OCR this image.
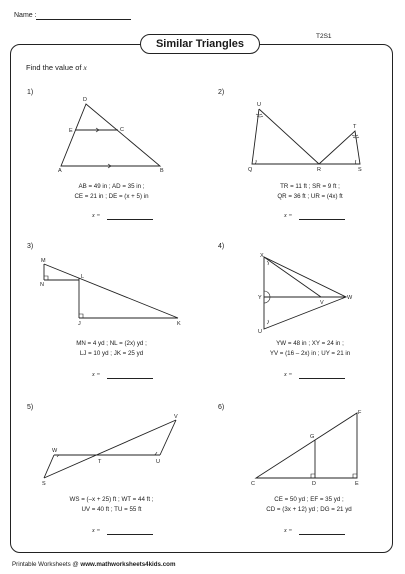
Name :
Similar Triangles
T2S1
Find the value of x
1)
D
E	C
A	B
AB = 49 in ; AD = 35 in ;
CE = 21 in ; DE = (x + 5) in
x =
2)
U
T
Q	R	S
TR = 11 ft ; SR = 9 ft ;
QR = 36 ft ; UR = (4x) ft
x =
3)
M
N
L
J	K
MN = 4 yd ; NL = (2x) yd ;
LJ = 10 yd ; JK = 25 yd
x =
4)
X
Y
U
V
W
YW = 48 in ; XY = 24 in ;
YV = (16 – 2x) in ; UY = 21 in
x =
5)
W
S
T	U
V
WS = (–x + 25) ft ; WT = 44 ft ;
UV = 40 ft ; TU = 55 ft
x =
6)
G
F
C	D	E
CE = 50 yd ; EF = 35 yd ;
CD = (3x + 12) yd ; DG = 21 yd
x =
Printable Worksheets @ www.mathworksheets4kids.com
